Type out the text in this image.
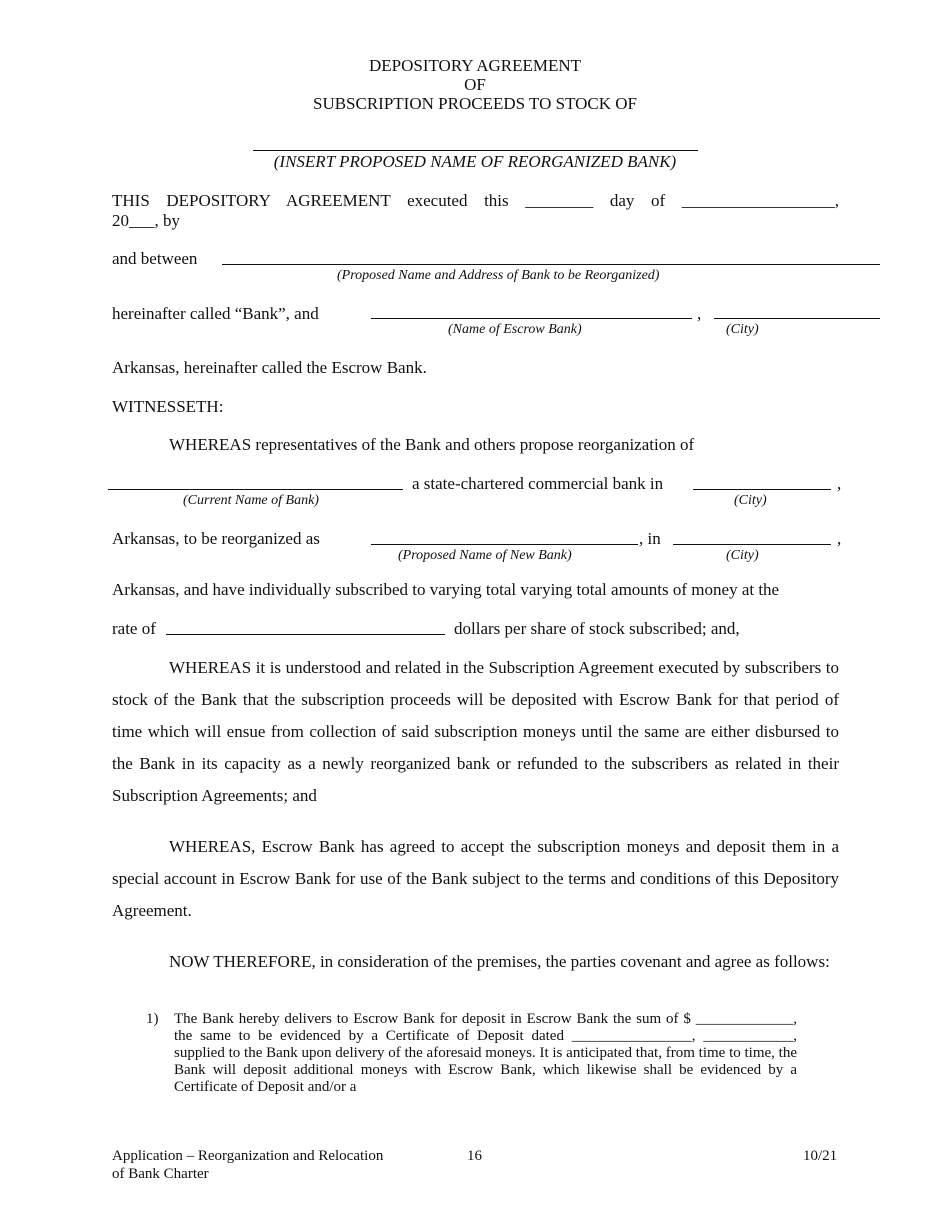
DEPOSITORY AGREEMENT
OF
SUBSCRIPTION PROCEEDS TO STOCK OF
(INSERT PROPOSED NAME OF REORGANIZED BANK)
THIS DEPOSITORY AGREEMENT executed this ________ day of __________________,
20___, by
and between
(Proposed Name and Address of Bank to be Reorganized)
hereinafter called “Bank”, and	,
(Name of Escrow Bank)	(City)
Arkansas, hereinafter called the Escrow Bank.
WITNESSETH:
WHEREAS representatives of the Bank and others propose reorganization of
a state-chartered commercial bank in	,
(Current Name of Bank)	(City)
Arkansas, to be reorganized as	, in	,
(Proposed Name of New Bank)	(City)
Arkansas, and have individually subscribed to varying total varying total amounts of money at the
rate of	dollars per share of stock subscribed; and,

WHEREAS it is understood and related in the Subscription Agreement executed by subscribers to stock of the Bank that the subscription proceeds will be deposited with Escrow Bank for that period of time which will ensue from collection of said subscription moneys until the same are either disbursed to the Bank in its capacity as a newly reorganized bank or refunded to the subscribers as related in their Subscription Agreements; and

WHEREAS, Escrow Bank has agreed to accept the subscription moneys and deposit them in a special account in Escrow Bank for use of the Bank subject to the terms and conditions of this Depository Agreement.

NOW THEREFORE, in consideration of the premises, the parties covenant and agree as follows:

1) The Bank hereby delivers to Escrow Bank for deposit in Escrow Bank the sum of $ _____________, the same to be evidenced by a Certificate of Deposit dated ________________, ____________, supplied to the Bank upon delivery of the aforesaid moneys. It is anticipated that, from time to time, the Bank will deposit additional moneys with Escrow Bank, which likewise shall be evidenced by a Certificate of Deposit and/or a
Application – Reorganization and Relocation
of Bank Charter
16	10/21
